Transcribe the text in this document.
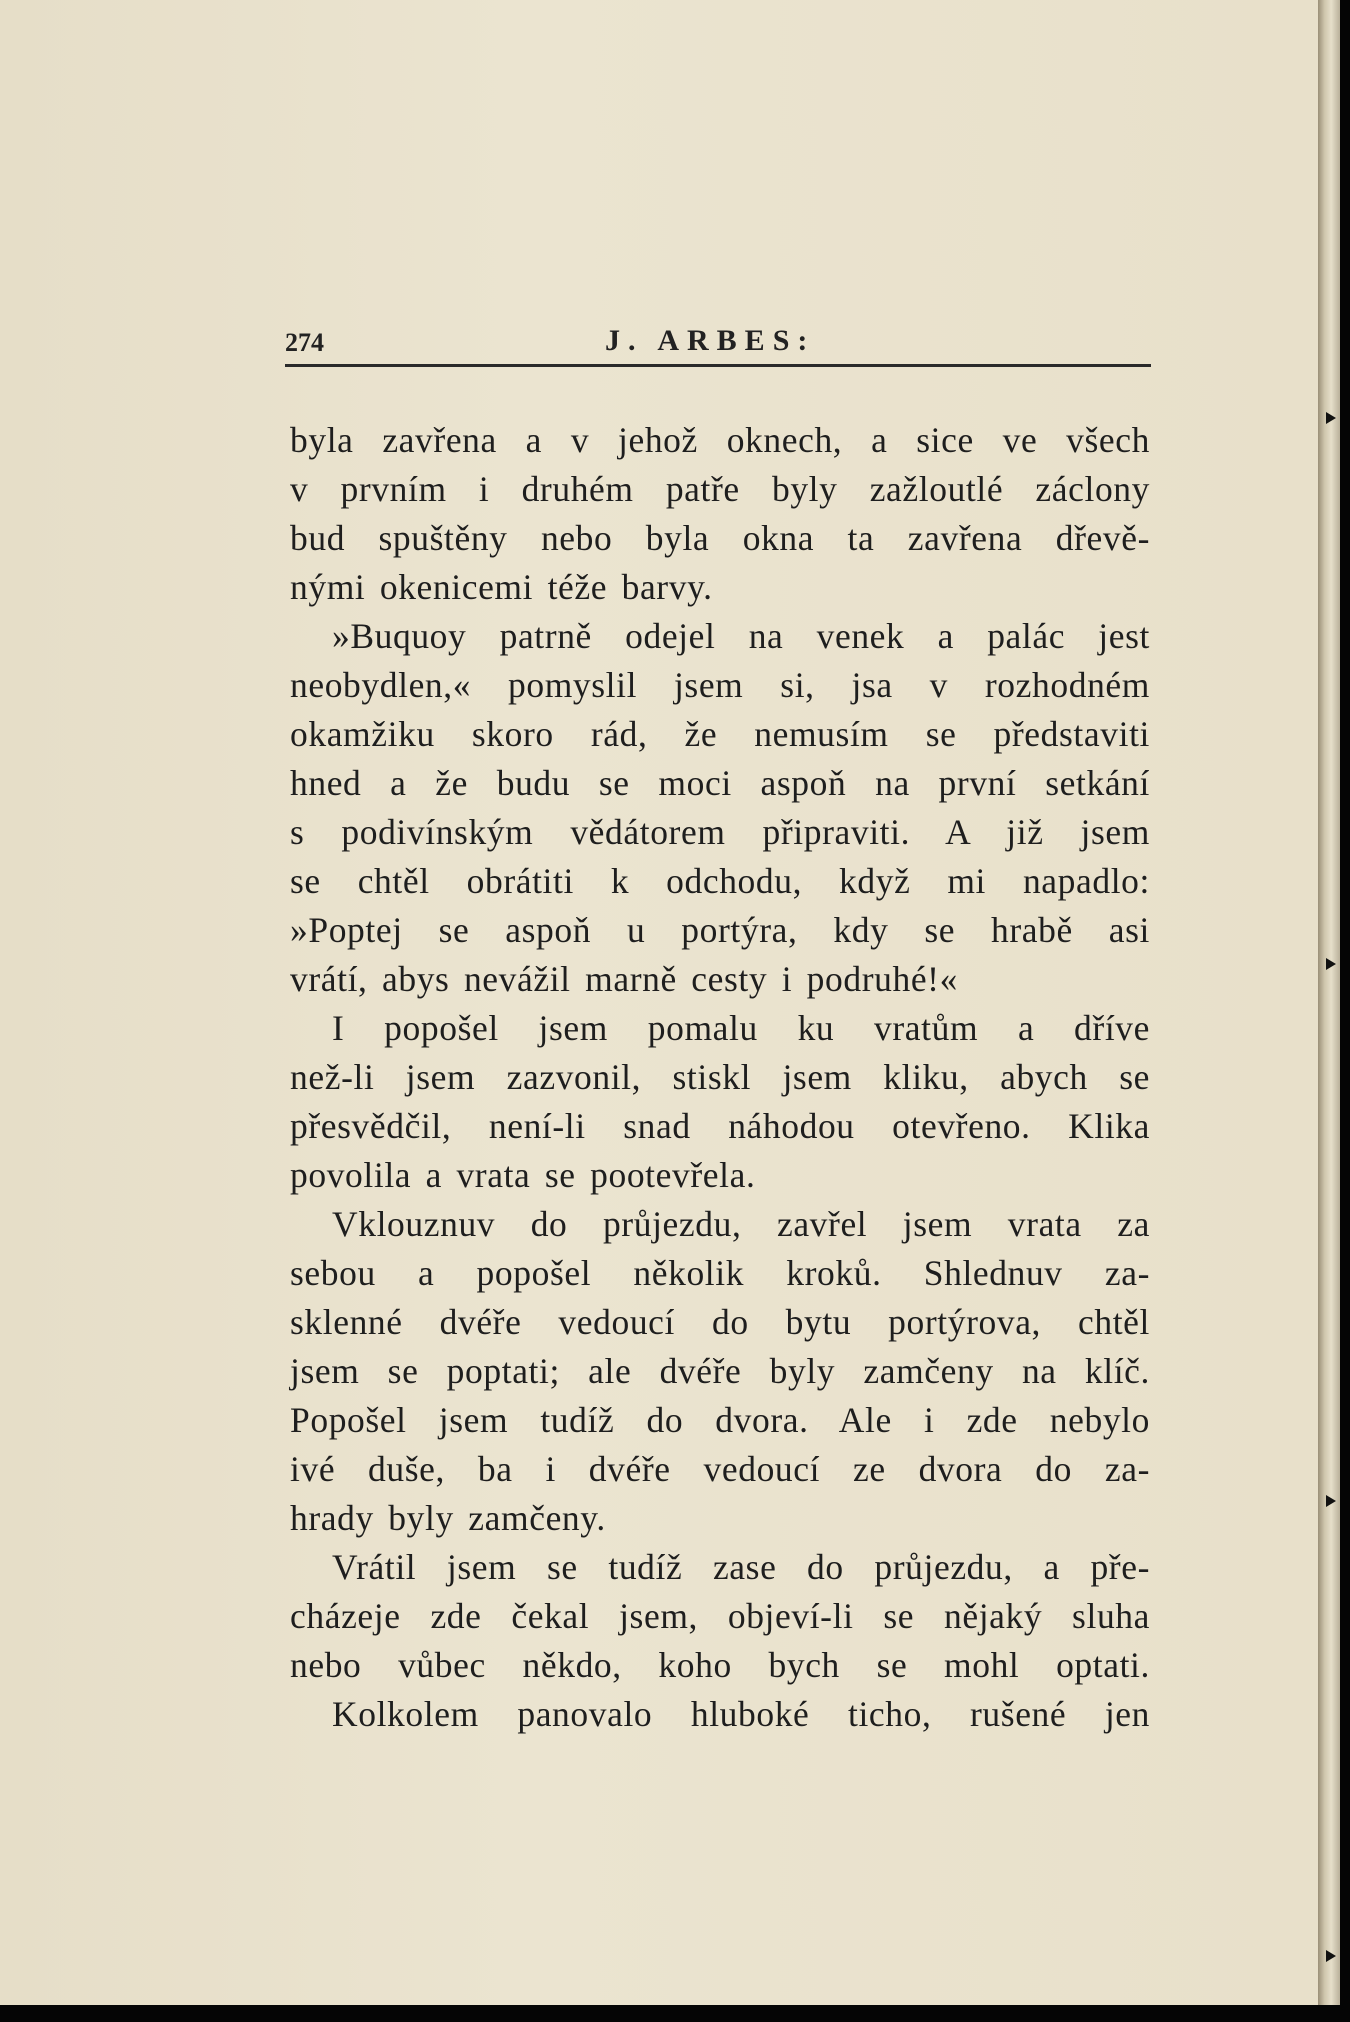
274	J. ARBES:
byla zavřena a v jehož oknech, a sice ve všech
v prvním i druhém patře byly zažloutlé záclony
bud spuštěny nebo byla okna ta zavřena dřevě-
nými okenicemi téže barvy.
»Buquoy patrně odejel na venek a palác jest
neobydlen,« pomyslil jsem si, jsa v rozhodném
okamžiku skoro rád, že nemusím se představiti
hned a že budu se moci aspoň na první setkání
s podivínským vědátorem připraviti. A již jsem
se chtěl obrátiti k odchodu, když mi napadlo:
»Poptej se aspoň u portýra, kdy se hrabě asi
vrátí, abys nevážil marně cesty i podruhé!«
I popošel jsem pomalu ku vratům a dříve
než-li jsem zazvonil, stiskl jsem kliku, abych se
přesvědčil, není-li snad náhodou otevřeno. Klika
povolila a vrata se pootevřela.
Vklouznuv do průjezdu, zavřel jsem vrata za
sebou a popošel několik kroků. Shlednuv za-
sklenné dvéře vedoucí do bytu portýrova, chtěl
jsem se poptati; ale dvéře byly zamčeny na klíč.
Popošel jsem tudíž do dvora. Ale i zde nebylo
ivé duše, ba i dvéře vedoucí ze dvora do za-
hrady byly zamčeny.
Vrátil jsem se tudíž zase do průjezdu, a pře-
cházeje zde čekal jsem, objeví-li se nějaký sluha
nebo vůbec někdo, koho bych se mohl optati.
Kolkolem panovalo hluboké ticho, rušené jen
